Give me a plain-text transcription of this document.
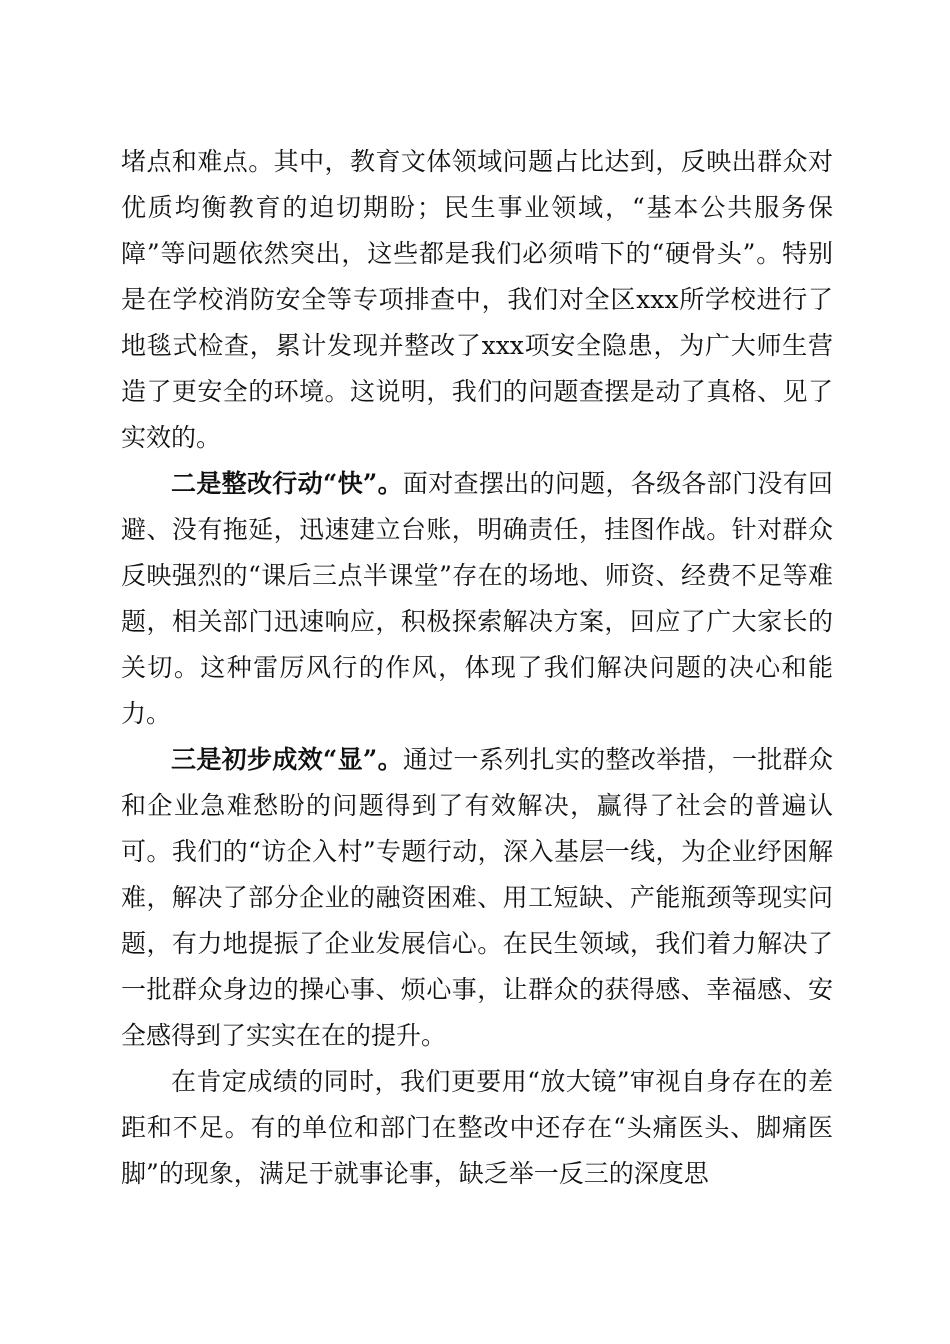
堵点和难点。其中，教育文体领域问题占比达到，反映出群众对优质均衡教育的迫切期盼；民生事业领域，“基本公共服务保障”等问题依然突出，这些都是我们必须啃下的“硬骨头”。特别是在学校消防安全等专项排查中，我们对全区xxx所学校进行了地毯式检查，累计发现并整改了xxx项安全隐患，为广大师生营造了更安全的环境。这说明，我们的问题查摆是动了真格、见了实效的。

二是整改行动“快”。面对查摆出的问题，各级各部门没有回避、没有拖延，迅速建立台账，明确责任，挂图作战。针对群众反映强烈的“课后三点半课堂”存在的场地、师资、经费不足等难题，相关部门迅速响应，积极探索解决方案，回应了广大家长的关切。这种雷厉风行的作风，体现了我们解决问题的决心和能力。

三是初步成效“显”。通过一系列扎实的整改举措，一批群众和企业急难愁盼的问题得到了有效解决，赢得了社会的普遍认可。我们的“访企入村”专题行动，深入基层一线，为企业纾困解难，解决了部分企业的融资困难、用工短缺、产能瓶颈等现实问题，有力地提振了企业发展信心。在民生领域，我们着力解决了一批群众身边的操心事、烦心事，让群众的获得感、幸福感、安全感得到了实实在在的提升。

在肯定成绩的同时，我们更要用“放大镜”审视自身存在的差距和不足。有的单位和部门在整改中还存在“头痛医头、脚痛医脚”的现象，满足于就事论事，缺乏举一反三的深度思
